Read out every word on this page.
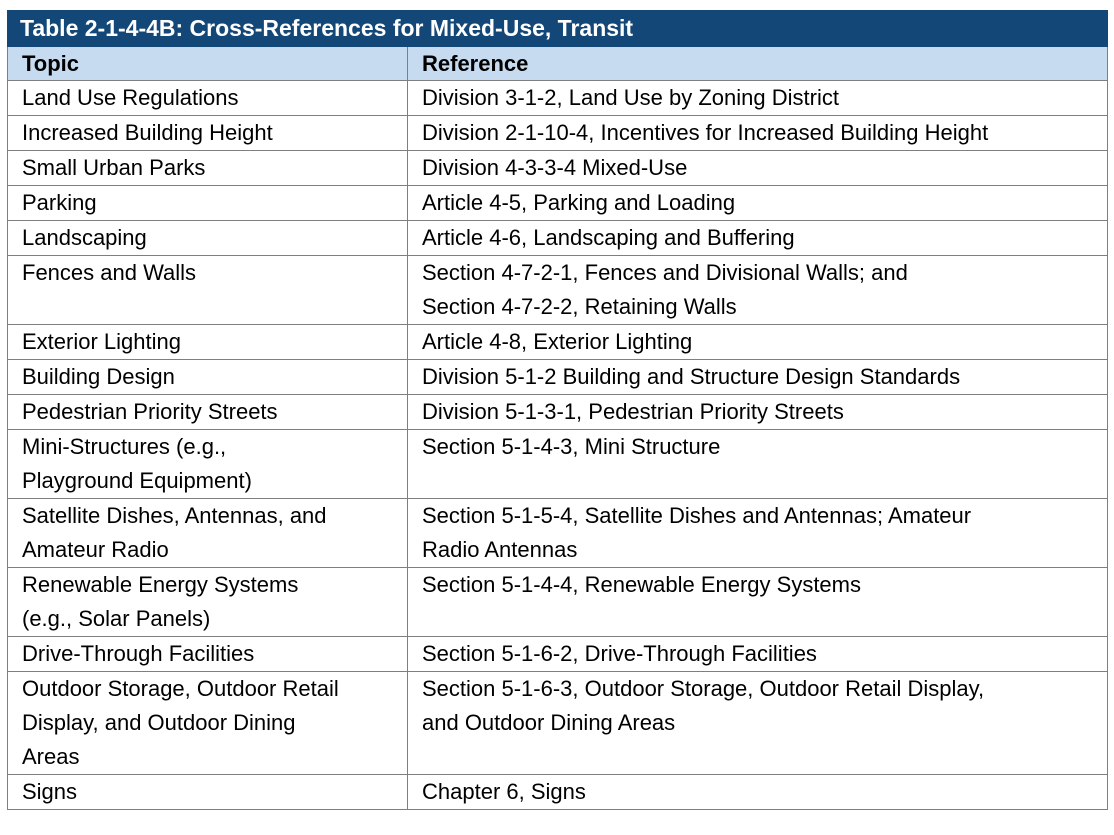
Table 2-1-4-4B: Cross-References for Mixed-Use, Transit	
Topic	Reference

Land Use Regulations	Division 3-1-2, Land Use by Zoning District

Increased Building Height	Division 2-1-10-4, Incentives for Increased Building Height

Small Urban Parks	Division 4-3-3-4 Mixed-Use

Parking	Article 4-5, Parking and Loading

Landscaping	Article 4-6, Landscaping and Buffering

Fences and Walls	Section 4-7-2-1, Fences and Divisional Walls; and
Section 4-7-2-2, Retaining Walls

Exterior Lighting	Article 4-8, Exterior Lighting

Building Design	Division 5-1-2 Building and Structure Design Standards

Pedestrian Priority Streets	Division 5-1-3-1, Pedestrian Priority Streets

Mini-Structures (e.g.,
Playground Equipment)	Section 5-1-4-3, Mini Structure

Satellite Dishes, Antennas, and
Amateur Radio	Section 5-1-5-4, Satellite Dishes and Antennas; Amateur
Radio Antennas

Renewable Energy Systems
(e.g., Solar Panels)	Section 5-1-4-4, Renewable Energy Systems

Drive-Through Facilities	Section 5-1-6-2, Drive-Through Facilities

Outdoor Storage, Outdoor Retail
Display, and Outdoor Dining
Areas	Section 5-1-6-3, Outdoor Storage, Outdoor Retail Display,
and Outdoor Dining Areas

Signs	Chapter 6, Signs
